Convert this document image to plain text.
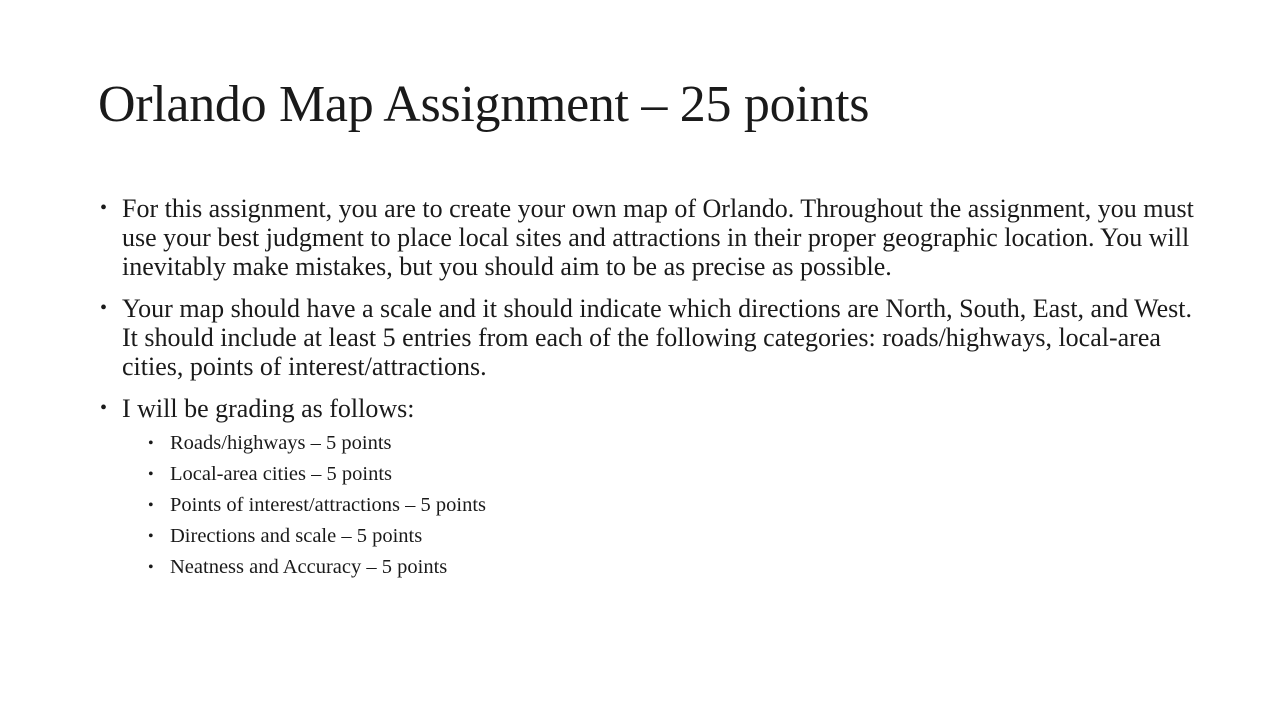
Orlando Map Assignment – 25 points
• For this assignment, you are to create your own map of Orlando. Throughout the assignment, you must use your best judgment to place local sites and attractions in their proper geographic location. You will inevitably make mistakes, but you should aim to be as precise as possible.
• Your map should have a scale and it should indicate which directions are North, South, East, and West. It should include at least 5 entries from each of the following categories: roads/highways, local-area cities, points of interest/attractions.
• I will be grading as follows:
• Roads/highways – 5 points
• Local-area cities – 5 points
• Points of interest/attractions – 5 points
• Directions and scale – 5 points
• Neatness and Accuracy – 5 points
